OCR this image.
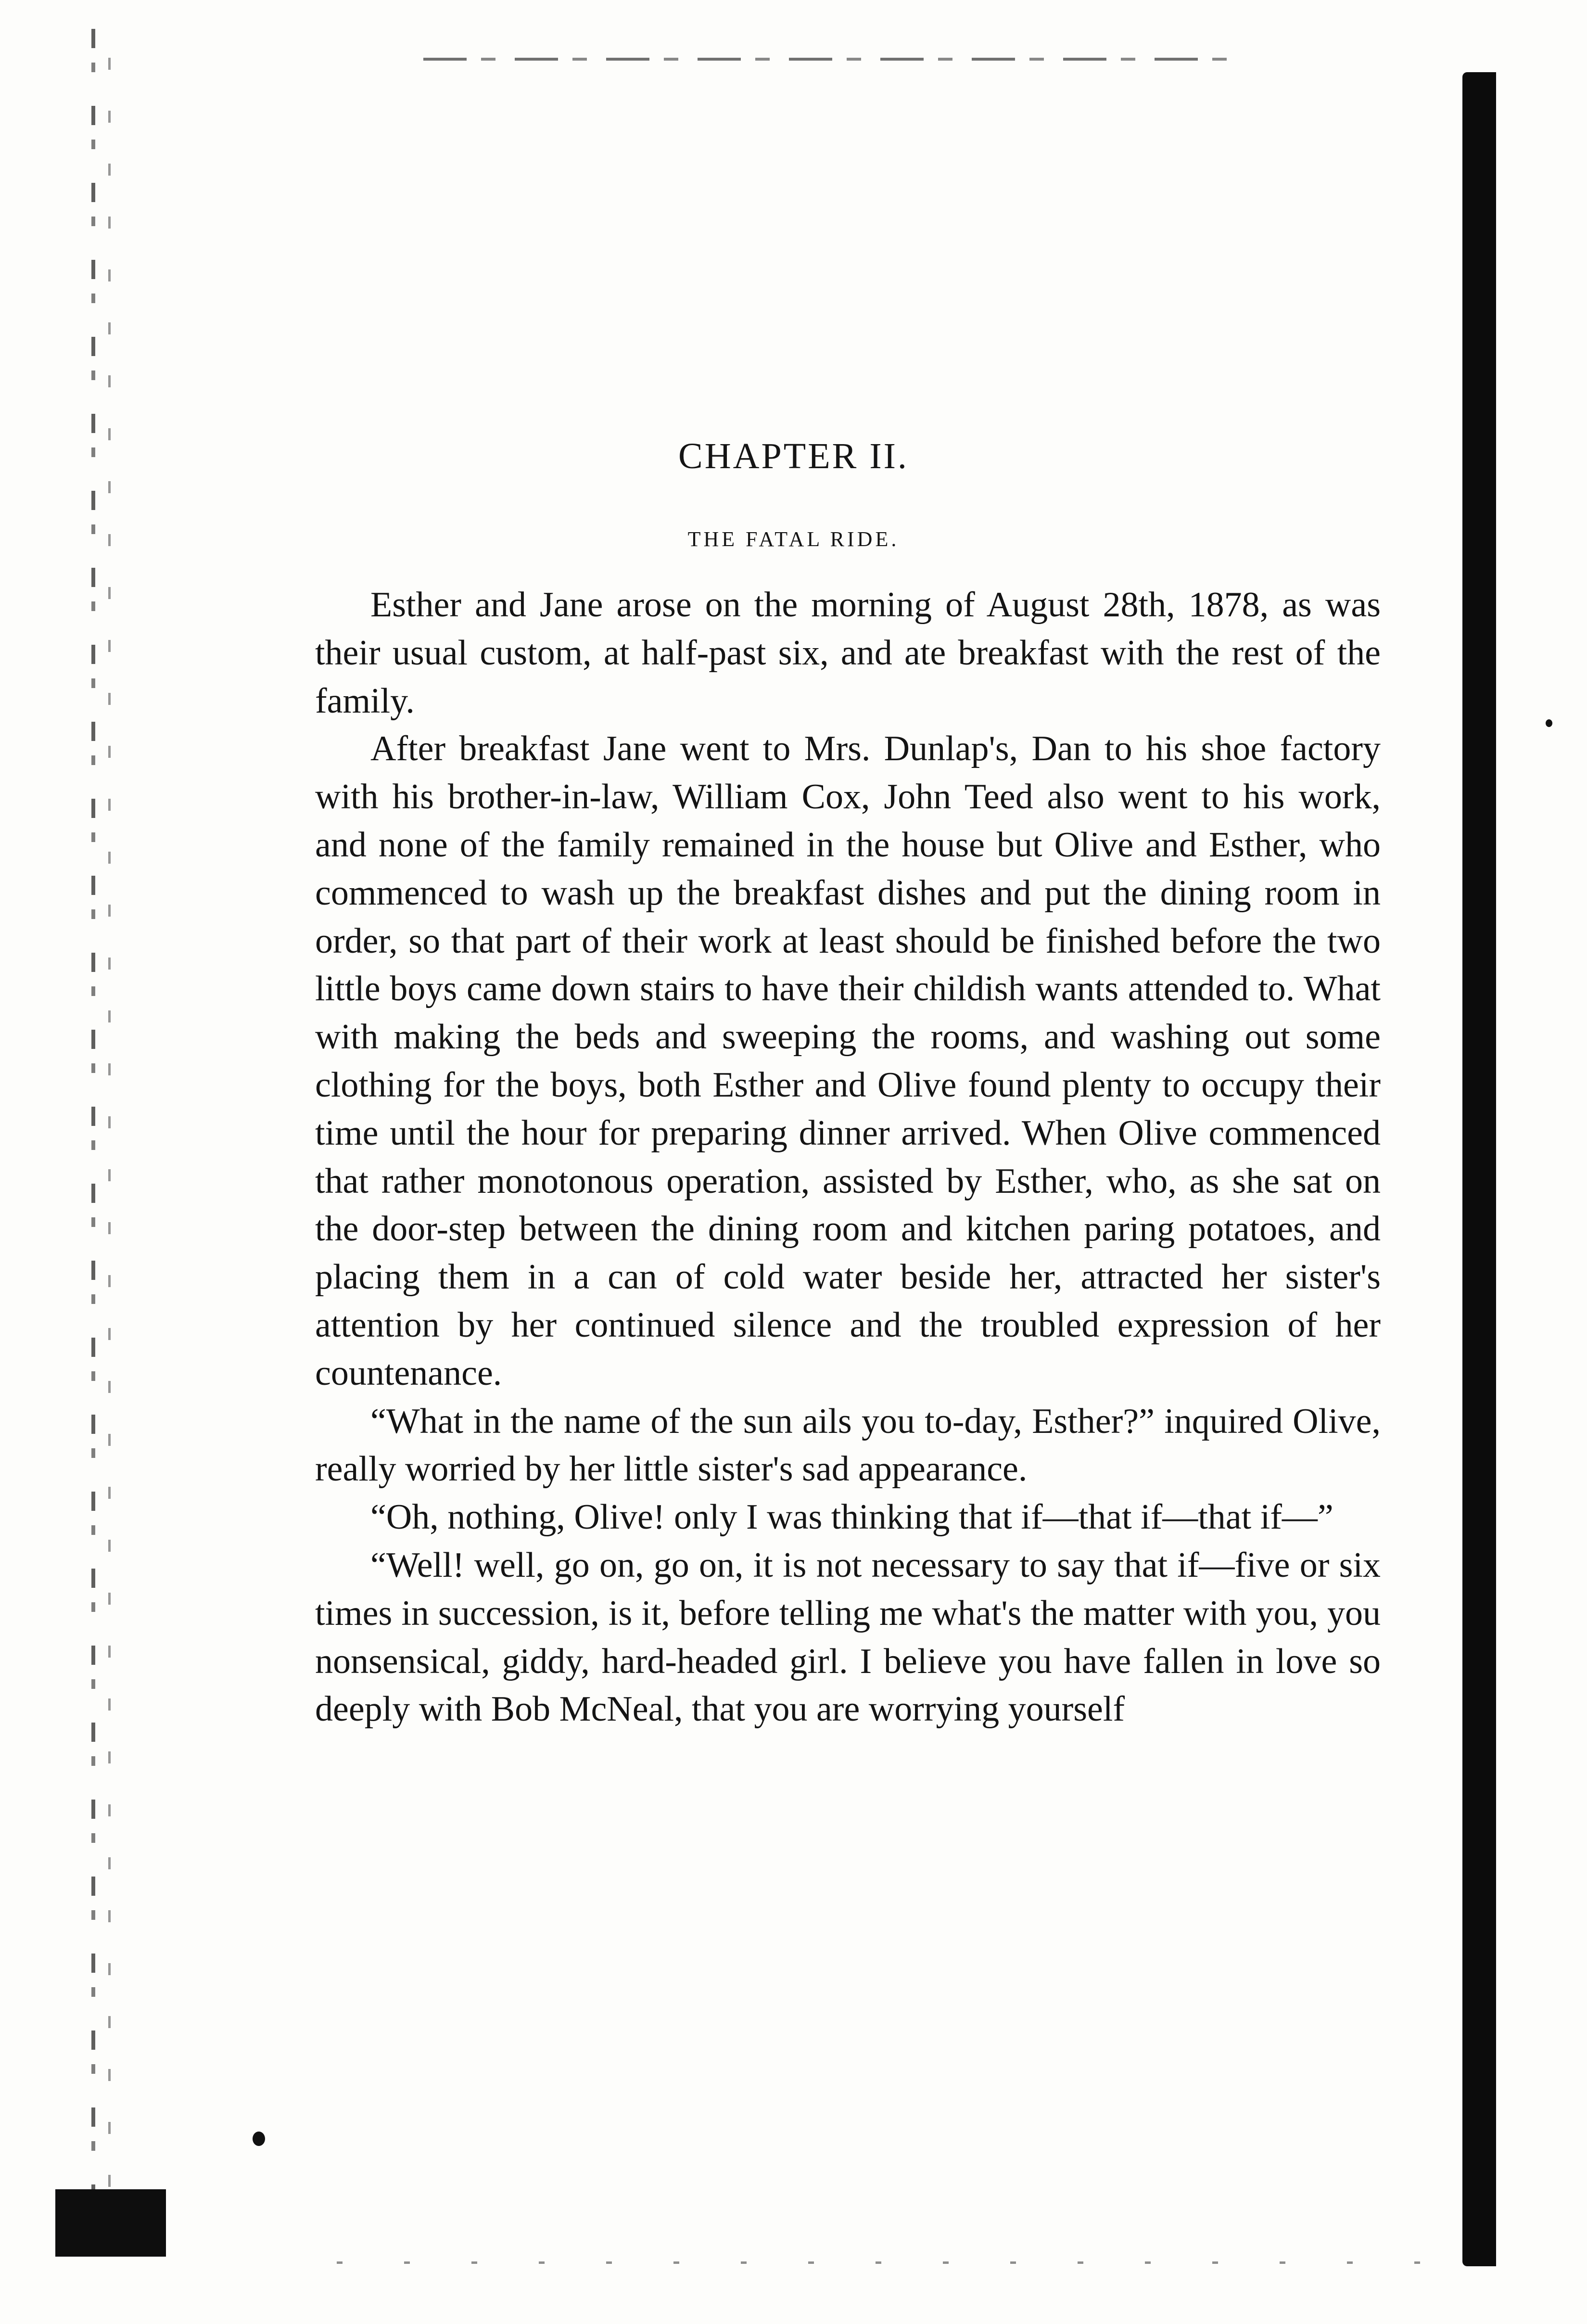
CHAPTER II.
THE FATAL RIDE.

Esther and Jane arose on the morning of August 28th, 1878, as was their usual custom, at half-past six, and ate breakfast with the rest of the family.

After breakfast Jane went to Mrs. Dunlap's, Dan to his shoe factory with his brother-in-law, William Cox, John Teed also went to his work, and none of the family remained in the house but Olive and Esther, who commenced to wash up the breakfast dishes and put the dining room in order, so that part of their work at least should be finished before the two little boys came down stairs to have their childish wants attended to. What with making the beds and sweeping the rooms, and washing out some clothing for the boys, both Esther and Olive found plenty to occupy their time until the hour for preparing dinner arrived. When Olive commenced that rather monotonous operation, assisted by Esther, who, as she sat on the door-step between the dining room and kitchen paring potatoes, and placing them in a can of cold water beside her, attracted her sister's attention by her continued silence and the troubled expression of her countenance.

“What in the name of the sun ails you to-day, Esther?” inquired Olive, really worried by her little sister's sad appearance.

“Oh, nothing, Olive! only I was thinking that if—that if—that if—”

“Well! well, go on, go on, it is not necessary to say that if—five or six times in succession, is it, before telling me what's the matter with you, you nonsensical, giddy, hard-headed girl. I believe you have fallen in love so deeply with Bob McNeal, that you are worrying yourself
